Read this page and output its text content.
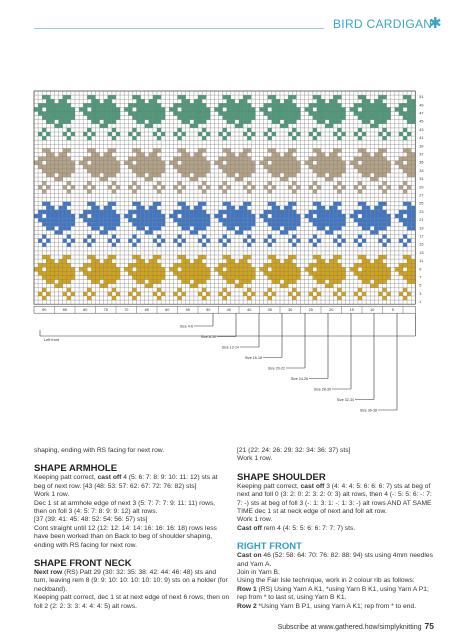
BIRD CARDIGAN
✱
51
49
47
45
43
41
39
37
35
33
31
29
27
25
23
21
19
17
15
13
11
9
7
5
3
1
90	85	80	75	70	65	60	55	50	45	40	35	30	25	20	15	10	5
Size 4-6
Size 8-10
Size 12-14
Size 16-18
Size 20-22
Size 24-26
Size 28-30
Size 32-34
Size 36-38
Left front

shaping, ending with RS facing for next row.

SHAPE ARMHOLE

Keeping patt correct, cast off 4 (5: 6: 7: 8: 9: 10: 11: 12) sts at beg of next row. [43 (48: 53: 57: 62: 67: 72: 76: 82) sts]

Work 1 row.

Dec 1 st at armhole edge of next 3 (5: 7: 7: 7: 9: 11: 11) rows, then on foll 3 (4: 5: 7: 8: 9: 9: 12) alt rows.

[37 (39: 41: 45: 48: 52: 54: 56: 57) sts]

Cont straight until 12 (12: 12: 14: 14: 16: 16: 16: 18) rows less have been worked than on Back to beg of shoulder shaping, ending with RS facing for next row.

SHAPE FRONT NECK

Next row (RS) Patt 29 (30: 32: 35: 38: 42: 44: 46: 48) sts and turn, leaving rem 8 (9: 9: 10: 10: 10: 10: 10: 9) sts on a holder (for neckband).

Keeping patt correct, dec 1 st at next edge of next 6 rows, then on foll 2 (2: 2: 3: 3: 4: 4: 4: 5) alt rows.

[21 (22: 24: 26: 29: 32: 34: 36: 37) sts]

Work 1 row.

SHAPE SHOULDER

Keeping patt correct, cast off 3 (4: 4: 4: 5: 6: 6: 6: 7) sts at beg of next and foll 0 (3: 2: 0: 2: 3: 2: 0: 3) alt rows, then 4 (-: 5: 5: 6: -: 7: 7: -) sts at beg of foll 3 (-: 1: 3: 1: -: 1: 3: -) alt rows AND AT SAME TIME dec 1 st at neck edge of next and foll alt row.

Work 1 row.

Cast off rem 4 (4: 5: 5: 6: 6: 7: 7: 7) sts.

RIGHT FRONT

Cast on 46 (52: 58: 64: 70: 76: 82: 88: 94) sts using 4mm needles and Yarn A.

Join in Yarn B.

Using the Fair Isle technique, work in 2 colour rib as follows:

Row 1 (RS) Using Yarn A K1, *using Yarn B K1, using Yarn A P1; rep from * to last st, using Yarn B K1.

Row 2 *Using Yarn B P1, using Yarn A K1; rep from * to end.

Subscribe at www.gathered.how/simplyknitting 75
